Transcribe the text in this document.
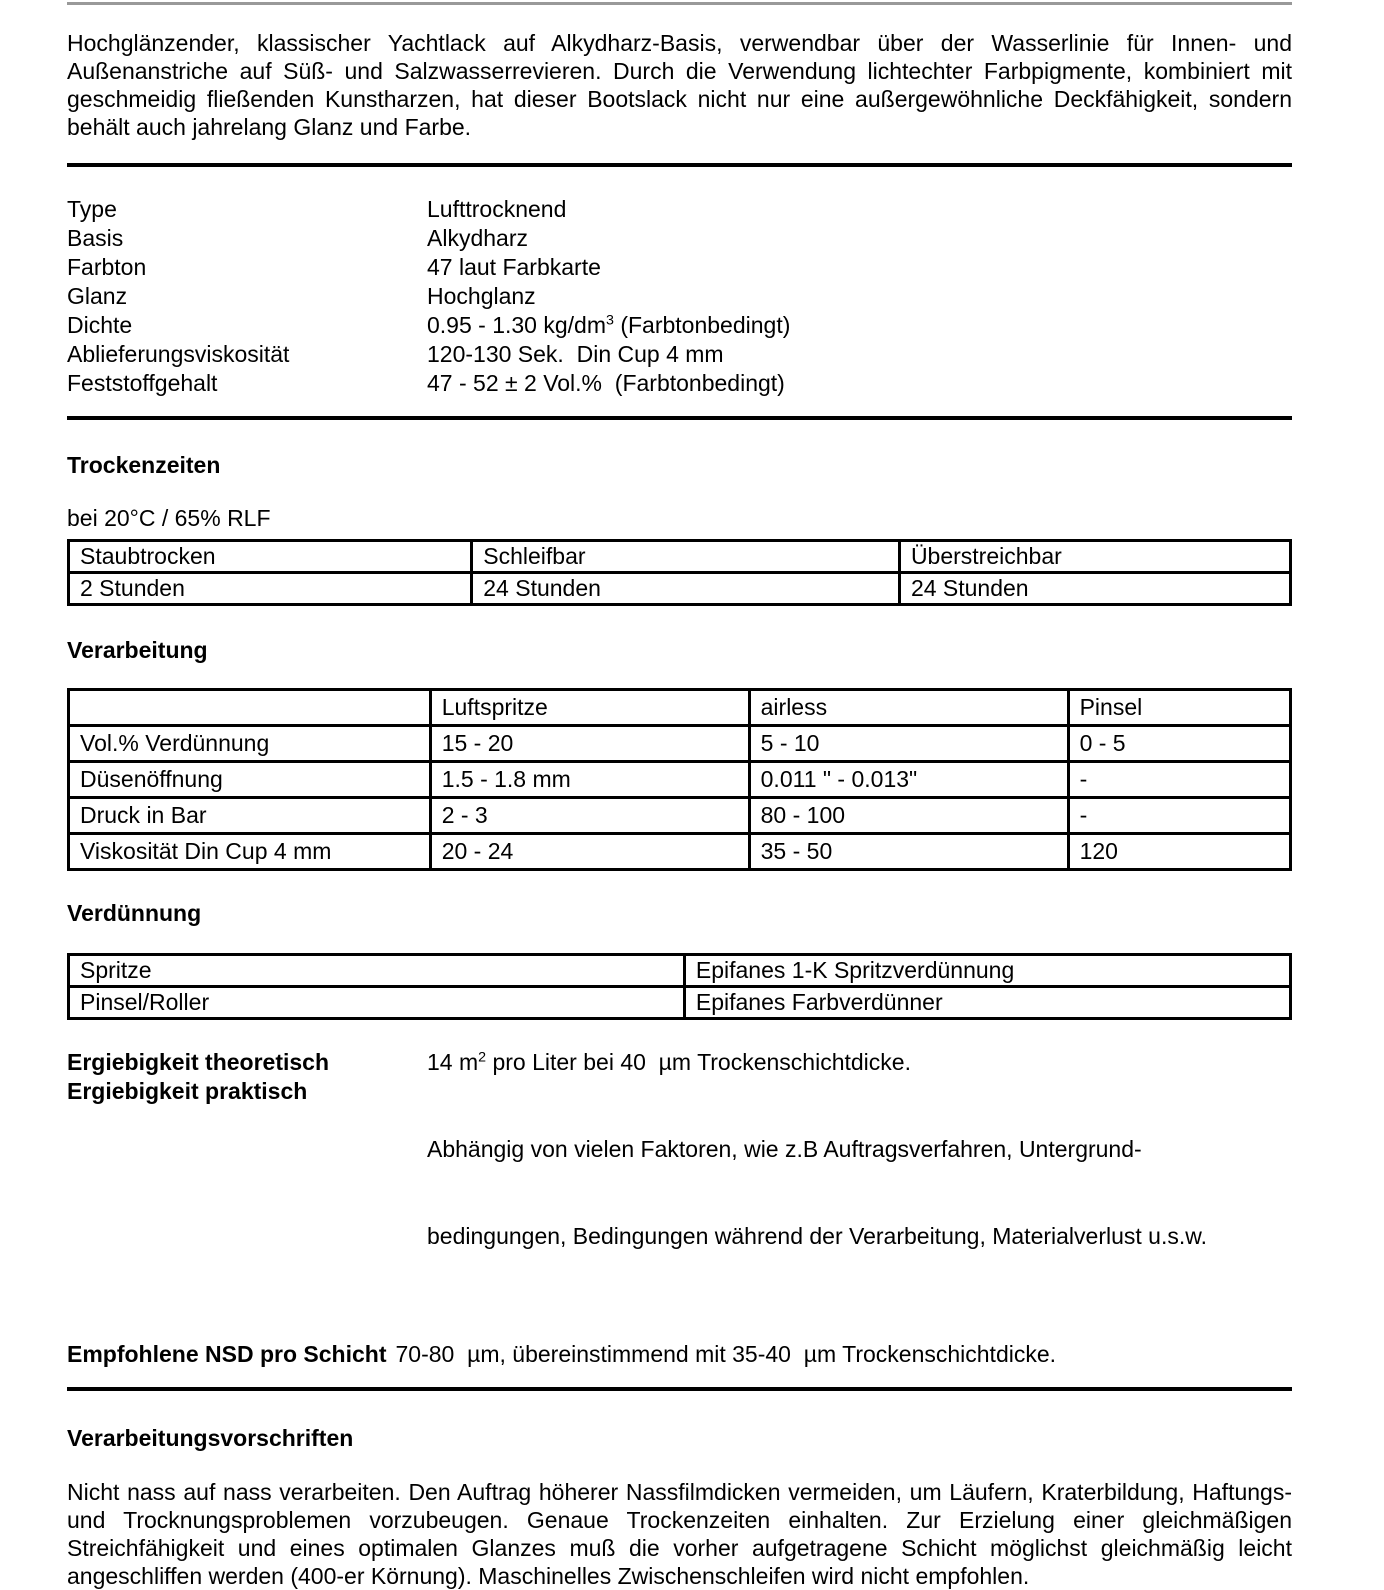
Hochglänzender, klassischer Yachtlack auf Alkydharz-Basis, verwendbar über der Wasserlinie für Innen- und Außenanstriche auf Süß- und Salzwasserrevieren. Durch die Verwendung lichtechter Farbpigmente, kombiniert mit geschmeidig fließenden Kunstharzen, hat dieser Bootslack nicht nur eine außergewöhnliche Deckfähigkeit, sondern behält auch jahrelang Glanz und Farbe.

Type	Lufttrocknend
Basis	Alkydharz
Farbton	47 laut Farbkarte
Glanz	Hochglanz
Dichte	0.95 - 1.30 $kg/dm^3$ (Farbtonbedingt)
Ablieferungsviskosität	120-130 Sek.  Din Cup 4 mm
Feststoffgehalt	47 - 52 ± 2 Vol.%  (Farbtonbedingt)
Trockenzeiten
bei 20°C / 65% RLF
Staubtrocken	Schleifbar	Überstreichbar
2 Stunden	24 Stunden	24 Stunden
Verarbeitung
	Luftspritze	airless	Pinsel
Vol.% Verdünnung	15 - 20	5 - 10	0 - 5
Düsenöffnung	1.5 - 1.8 mm	0.011 " - 0.013"	-
Druck in Bar	2 - 3	80 - 100	-
Viskosität Din Cup 4 mm	20 - 24	35 - 50	120
Verdünnung
Spritze	Epifanes 1-K Spritzverdünnung
Pinsel/Roller	Epifanes Farbverdünner
Ergiebigkeit theoretisch	14 $m^2$ pro Liter bei 40  µm Trockenschichtdicke.
Ergiebigkeit praktisch

Abhängig von vielen Faktoren, wie z.B Auftragsverfahren, Untergrund-

bedingungen, Bedingungen während der Verarbeitung, Materialverlust u.s.w.

Empfohlene NSD pro Schicht 70-80  µm, übereinstimmend mit 35-40  µm Trockenschichtdicke.
Verarbeitungsvorschriften

Nicht nass auf nass verarbeiten. Den Auftrag höherer Nassfilmdicken vermeiden, um Läufern, Kraterbildung, Haftungs- und Trocknungsproblemen vorzubeugen. Genaue Trockenzeiten einhalten. Zur Erzielung einer gleichmäßigen Streichfähigkeit und eines optimalen Glanzes muß die vorher aufgetragene Schicht möglichst gleichmäßig leicht angeschliffen werden (400-er Körnung). Maschinelles Zwischenschleifen wird nicht empfohlen.
